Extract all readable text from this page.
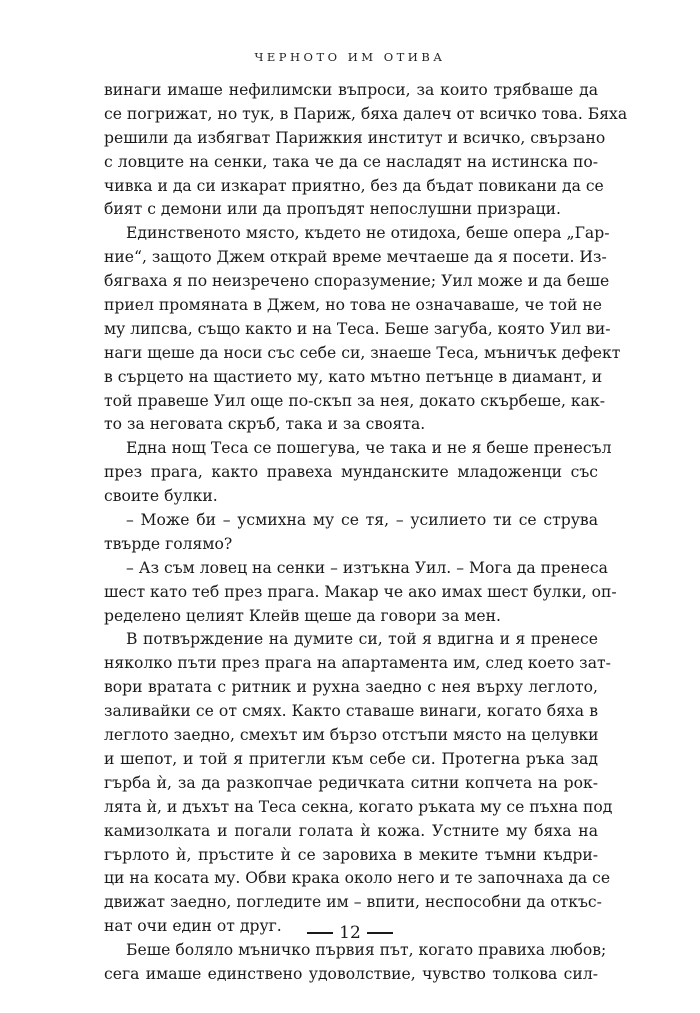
ЧЕРНОТО ИМ ОТИВА
винаги имаше нефилимски въпроси, за които трябваше да
се погрижат, но тук, в Париж, бяха далеч от всичко това. Бяха
решили да избягват Парижкия институт и всичко, свързано
с ловците на сенки, така че да се насладят на истинска по-
чивка и да си изкарат приятно, без да бъдат повикани да се
бият с демони или да пропъдят непослушни призраци.
Единственото място, където не отидоха, беше опера „Гар-
ние“, защото Джем открай време мечтаеше да я посети. Из-
бягваха я по неизречено споразумение; Уил може и да беше
приел промяната в Джем, но това не означаваше, че той не
му липсва, също както и на Теса. Беше загуба, която Уил ви-
наги щеше да носи със себе си, знаеше Теса, мъничък дефект
в сърцето на щастието му, като мътно петънце в диамант, и
той правеше Уил още по-скъп за нея, докато скърбеше, как-
то за неговата скръб, така и за своята.
Една нощ Теса се пошегува, че така и не я беше пренесъл
през прага, както правеха мунданските младоженци със
своите булки.
– Може би – усмихна му се тя, – усилието ти се струва
твърде голямо?
– Аз съм ловец на сенки – изтъкна Уил. – Мога да пренеса
шест като теб през прага. Макар че ако имах шест булки, оп-
ределено целият Клейв щеше да говори за мен.
В потвърждение на думите си, той я вдигна и я пренесе
няколко пъти през прага на апартамента им, след което зат-
вори вратата с ритник и рухна заедно с нея върху леглото,
заливайки се от смях. Както ставаше винаги, когато бяха в
леглото заедно, смехът им бързо отстъпи място на целувки
и шепот, и той я притегли към себе си. Протегна ръка зад
гърба ѝ, за да разкопчае редичката ситни копчета на рок-
лята ѝ, и дъхът на Теса секна, когато ръката му се пъхна под
камизолката и погали голата ѝ кожа. Устните му бяха на
гърлото ѝ, пръстите ѝ се заровиха в меките тъмни къдри-
ци на косата му. Обви крака около него и те започнаха да се
движат заедно, погледите им – впити, неспособни да откъс-
нат очи един от друг.
Беше боляло мъничко първия път, когато правиха любов;
сега имаше единствено удоволствие, чувство толкова сил-
12
